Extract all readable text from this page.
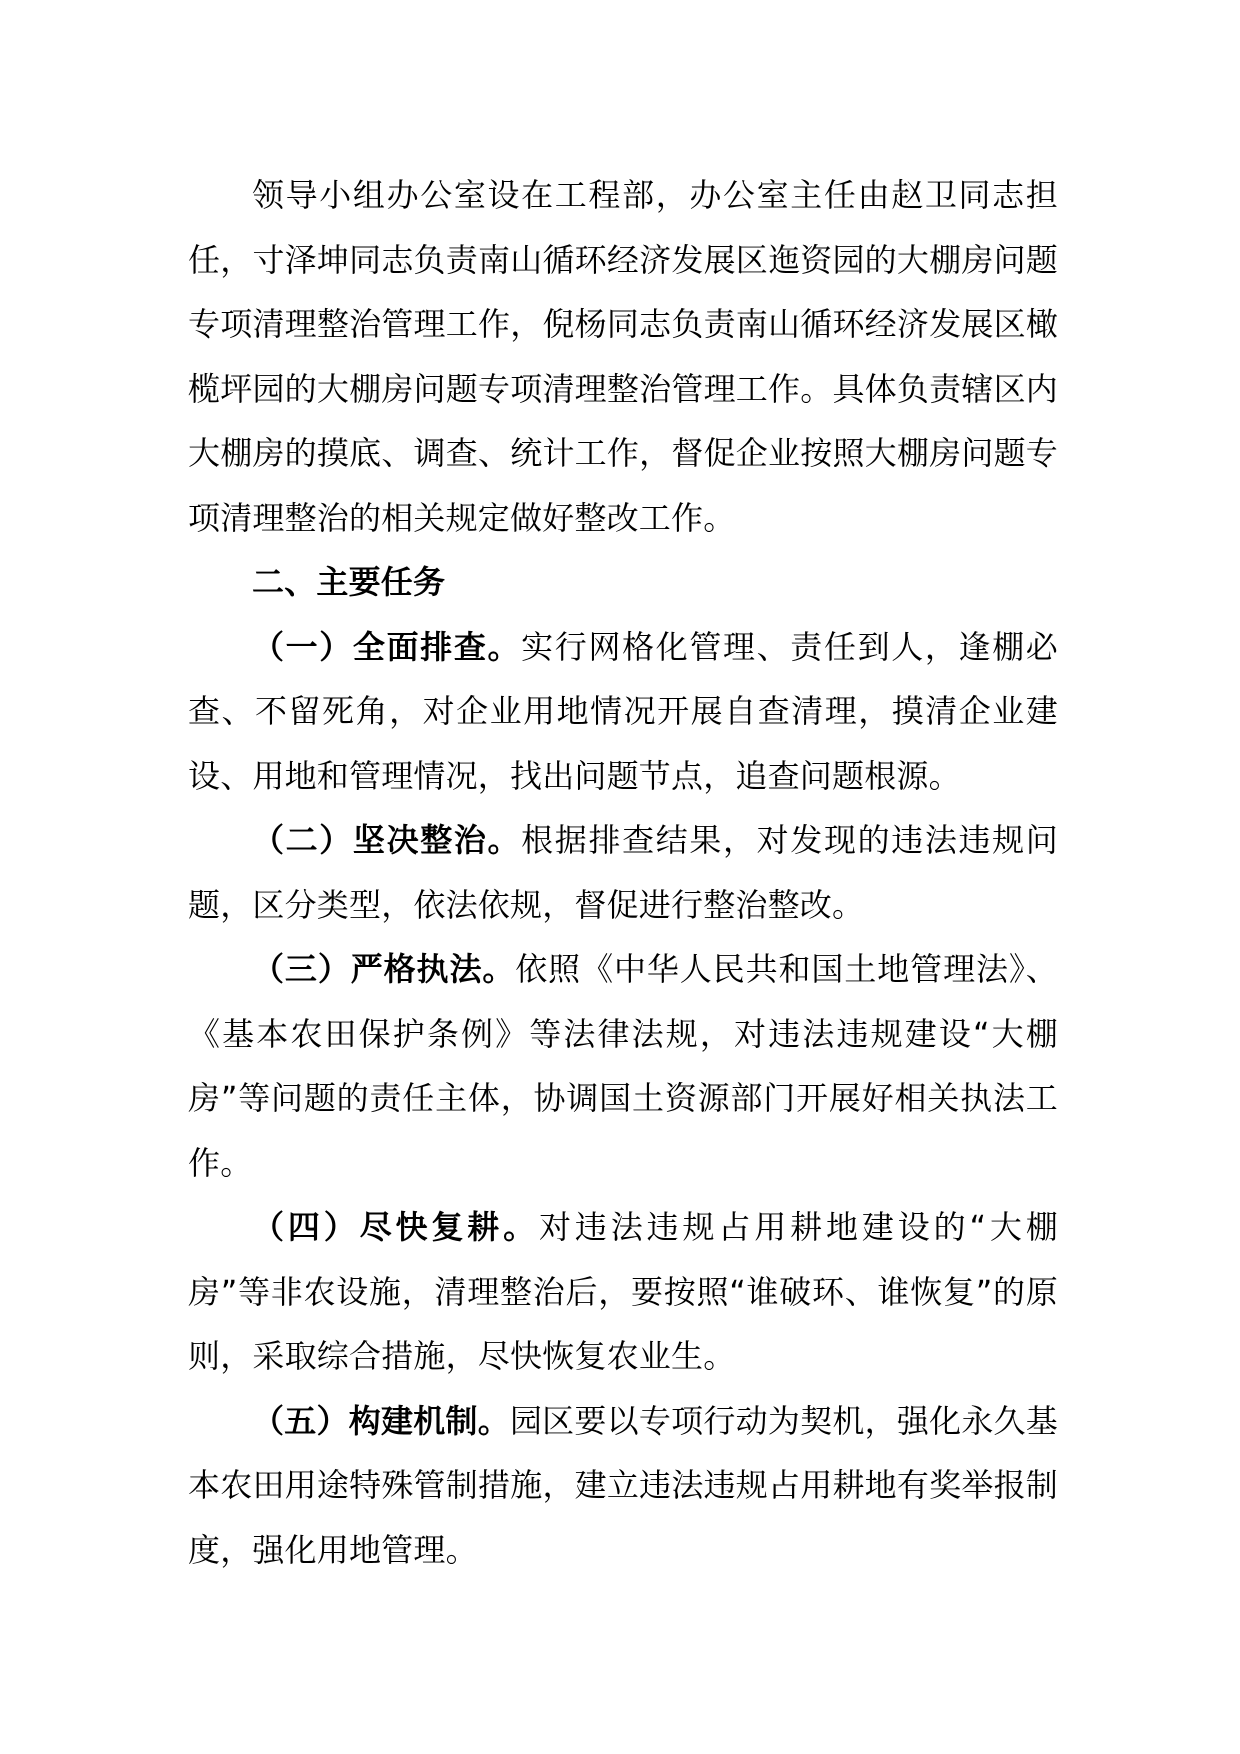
领导小组办公室设在工程部，办公室主任由赵卫同志担任，寸泽坤同志负责南山循环经济发展区迤资园的大棚房问题专项清理整治管理工作，倪杨同志负责南山循环经济发展区橄榄坪园的大棚房问题专项清理整治管理工作。具体负责辖区内大棚房的摸底、调查、统计工作，督促企业按照大棚房问题专项清理整治的相关规定做好整改工作。

二、主要任务

（一）全面排查。实行网格化管理、责任到人，逢棚必查、不留死角，对企业用地情况开展自查清理，摸清企业建设、用地和管理情况，找出问题节点，追查问题根源。

（二）坚决整治。根据排查结果，对发现的违法违规问题，区分类型，依法依规，督促进行整治整改。

（三）严格执法。依照《中华人民共和国土地管理法》、《基本农田保护条例》等法律法规，对违法违规建设“大棚房”等问题的责任主体，协调国土资源部门开展好相关执法工作。

（四）尽快复耕。对违法违规占用耕地建设的“大棚房”等非农设施，清理整治后，要按照“谁破环、谁恢复”的原则，采取综合措施，尽快恢复农业生。

（五）构建机制。园区要以专项行动为契机，强化永久基本农田用途特殊管制措施，建立违法违规占用耕地有奖举报制度，强化用地管理。
